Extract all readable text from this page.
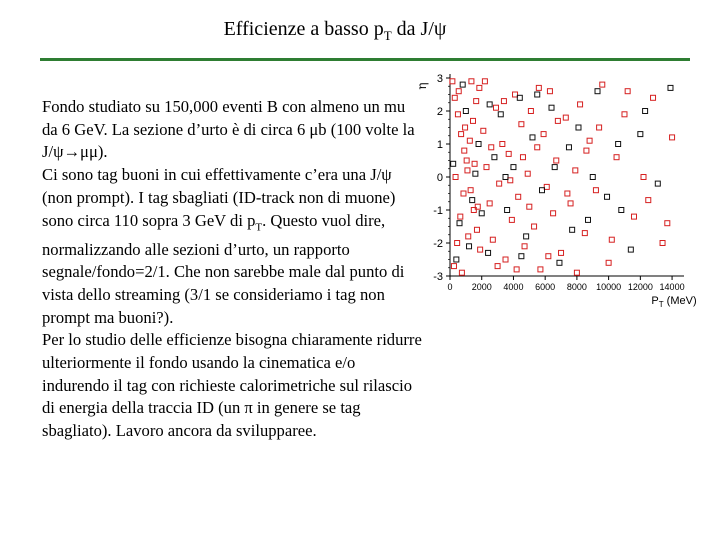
Efficienze a basso $p_T$ da J/ψ
Fondo studiato su 150,000 eventi B con almeno un mu da 6 GeV. La sezione d’urto è di circa 6 μb (100 volte la J/ψ→μμ).
Ci sono tag buoni in cui effettivamente c’era una J/ψ (non prompt). I tag sbagliati (ID-track non di muone) sono circa 110 sopra 3 GeV di $p_T$. Questo vuol dire, normalizzando alle sezioni d’urto, un rapporto segnale/fondo=2/1. Che non sarebbe male dal punto di vista dello streaming (3/1 se consideriamo i tag non prompt ma buoni?).
Per lo studio delle efficienze bisogna chiaramente ridurre ulteriormente il fondo usando la cinematica e/o indurendo il tag con richieste calorimetriche sul rilascio di energia della traccia ID (un π in genere se tag sbagliato). Lavoro ancora da svilupparee.
-3
-2
-1
0
1
2
3
0 2000 4000 6000 8000 10000 12000 14000
η
$P_T$ (MeV)
